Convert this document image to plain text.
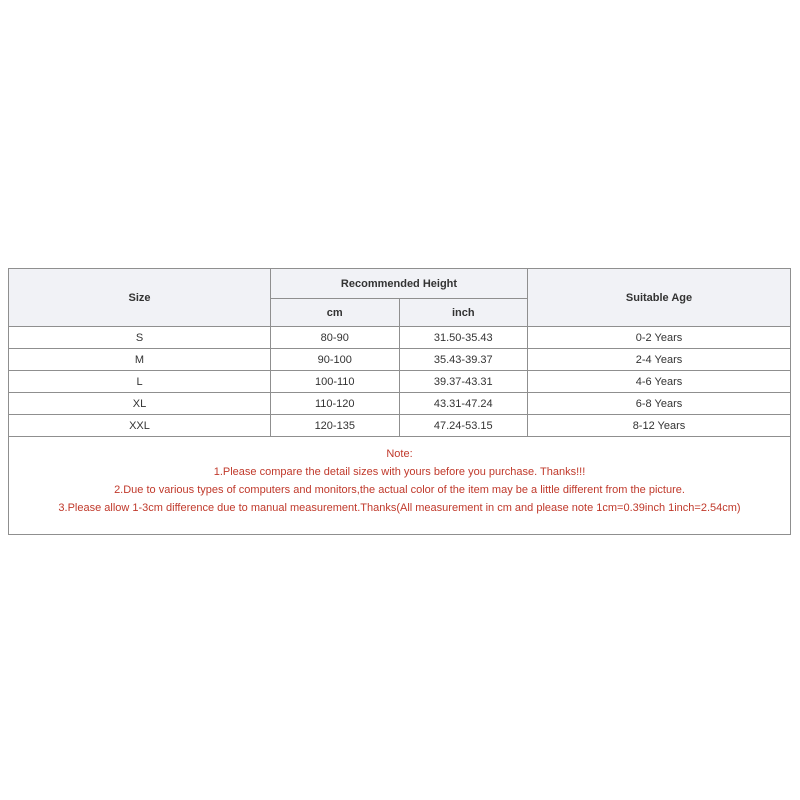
Size	Recommended Height		Suitable Age
	cm	inch	
S	80-90	31.50-35.43	0-2 Years
M	90-100	35.43-39.37	2-4 Years
L	100-110	39.37-43.31	4-6 Years
XL	110-120	43.31-47.24	6-8 Years
XXL	120-135	47.24-53.15	8-12 Years

Note:
1.Please compare the detail sizes with yours before you purchase. Thanks!!!
2.Due to various types of computers and monitors,the actual color of the item may be a little different from the picture.
3.Please allow 1-3cm difference due to manual measurement.Thanks(All measurement in cm and please note 1cm=0.39inch 1inch=2.54cm)			
